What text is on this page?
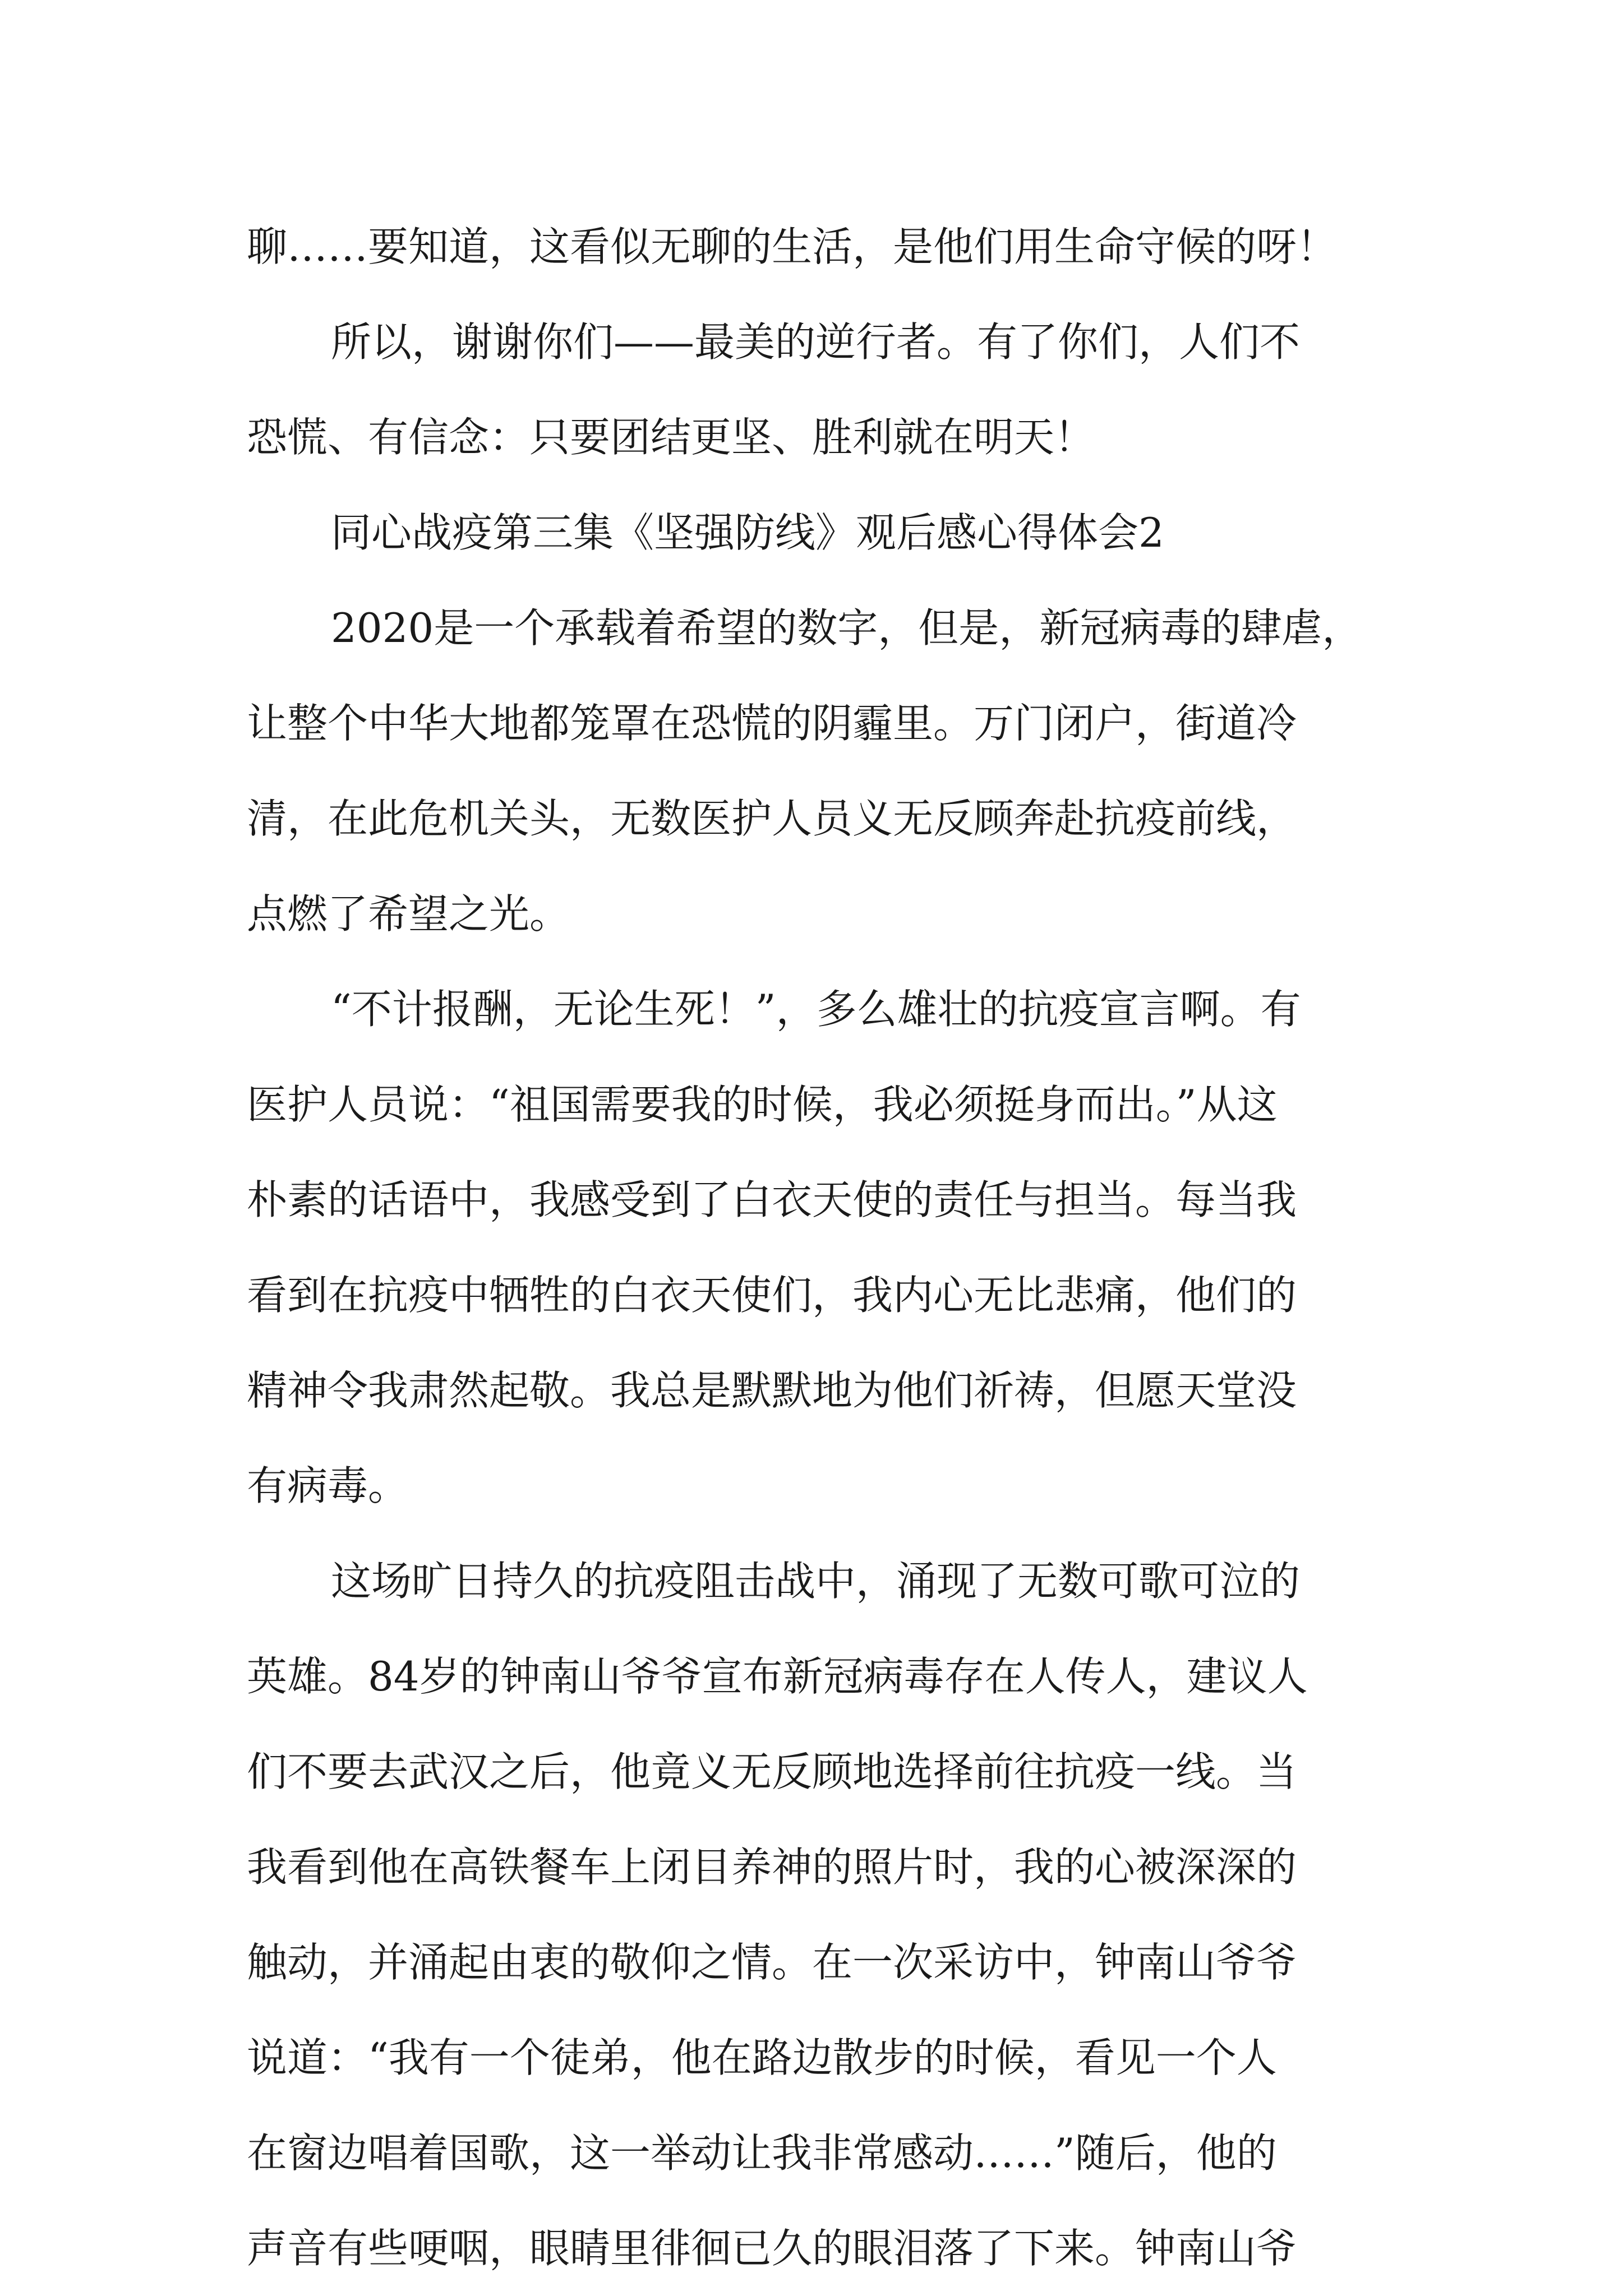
聊……要知道，这看似无聊的生活，是他们用生命守候的呀！
所以，谢谢你们——最美的逆行者。有了你们，人们不
恐慌、有信念：只要团结更坚、胜利就在明天！
同心战疫第三集《坚强防线》观后感心得体会2
2020是一个承载着希望的数字，但是，新冠病毒的肆虐，
让整个中华大地都笼罩在恐慌的阴霾里。万门闭户，街道冷
清，在此危机关头，无数医护人员义无反顾奔赴抗疫前线，
点燃了希望之光。
“不计报酬，无论生死！”，多么雄壮的抗疫宣言啊。有
医护人员说：“祖国需要我的时候，我必须挺身而出。”从这
朴素的话语中，我感受到了白衣天使的责任与担当。每当我
看到在抗疫中牺牲的白衣天使们，我内心无比悲痛，他们的
精神令我肃然起敬。我总是默默地为他们祈祷，但愿天堂没
有病毒。
这场旷日持久的抗疫阻击战中，涌现了无数可歌可泣的
英雄。84岁的钟南山爷爷宣布新冠病毒存在人传人，建议人
们不要去武汉之后，他竟义无反顾地选择前往抗疫一线。当
我看到他在高铁餐车上闭目养神的照片时，我的心被深深的
触动，并涌起由衷的敬仰之情。在一次采访中，钟南山爷爷
说道：“我有一个徒弟，他在路边散步的时候，看见一个人
在窗边唱着国歌，这一举动让我非常感动……”随后，他的
声音有些哽咽，眼睛里徘徊已久的眼泪落了下来。钟南山爷
